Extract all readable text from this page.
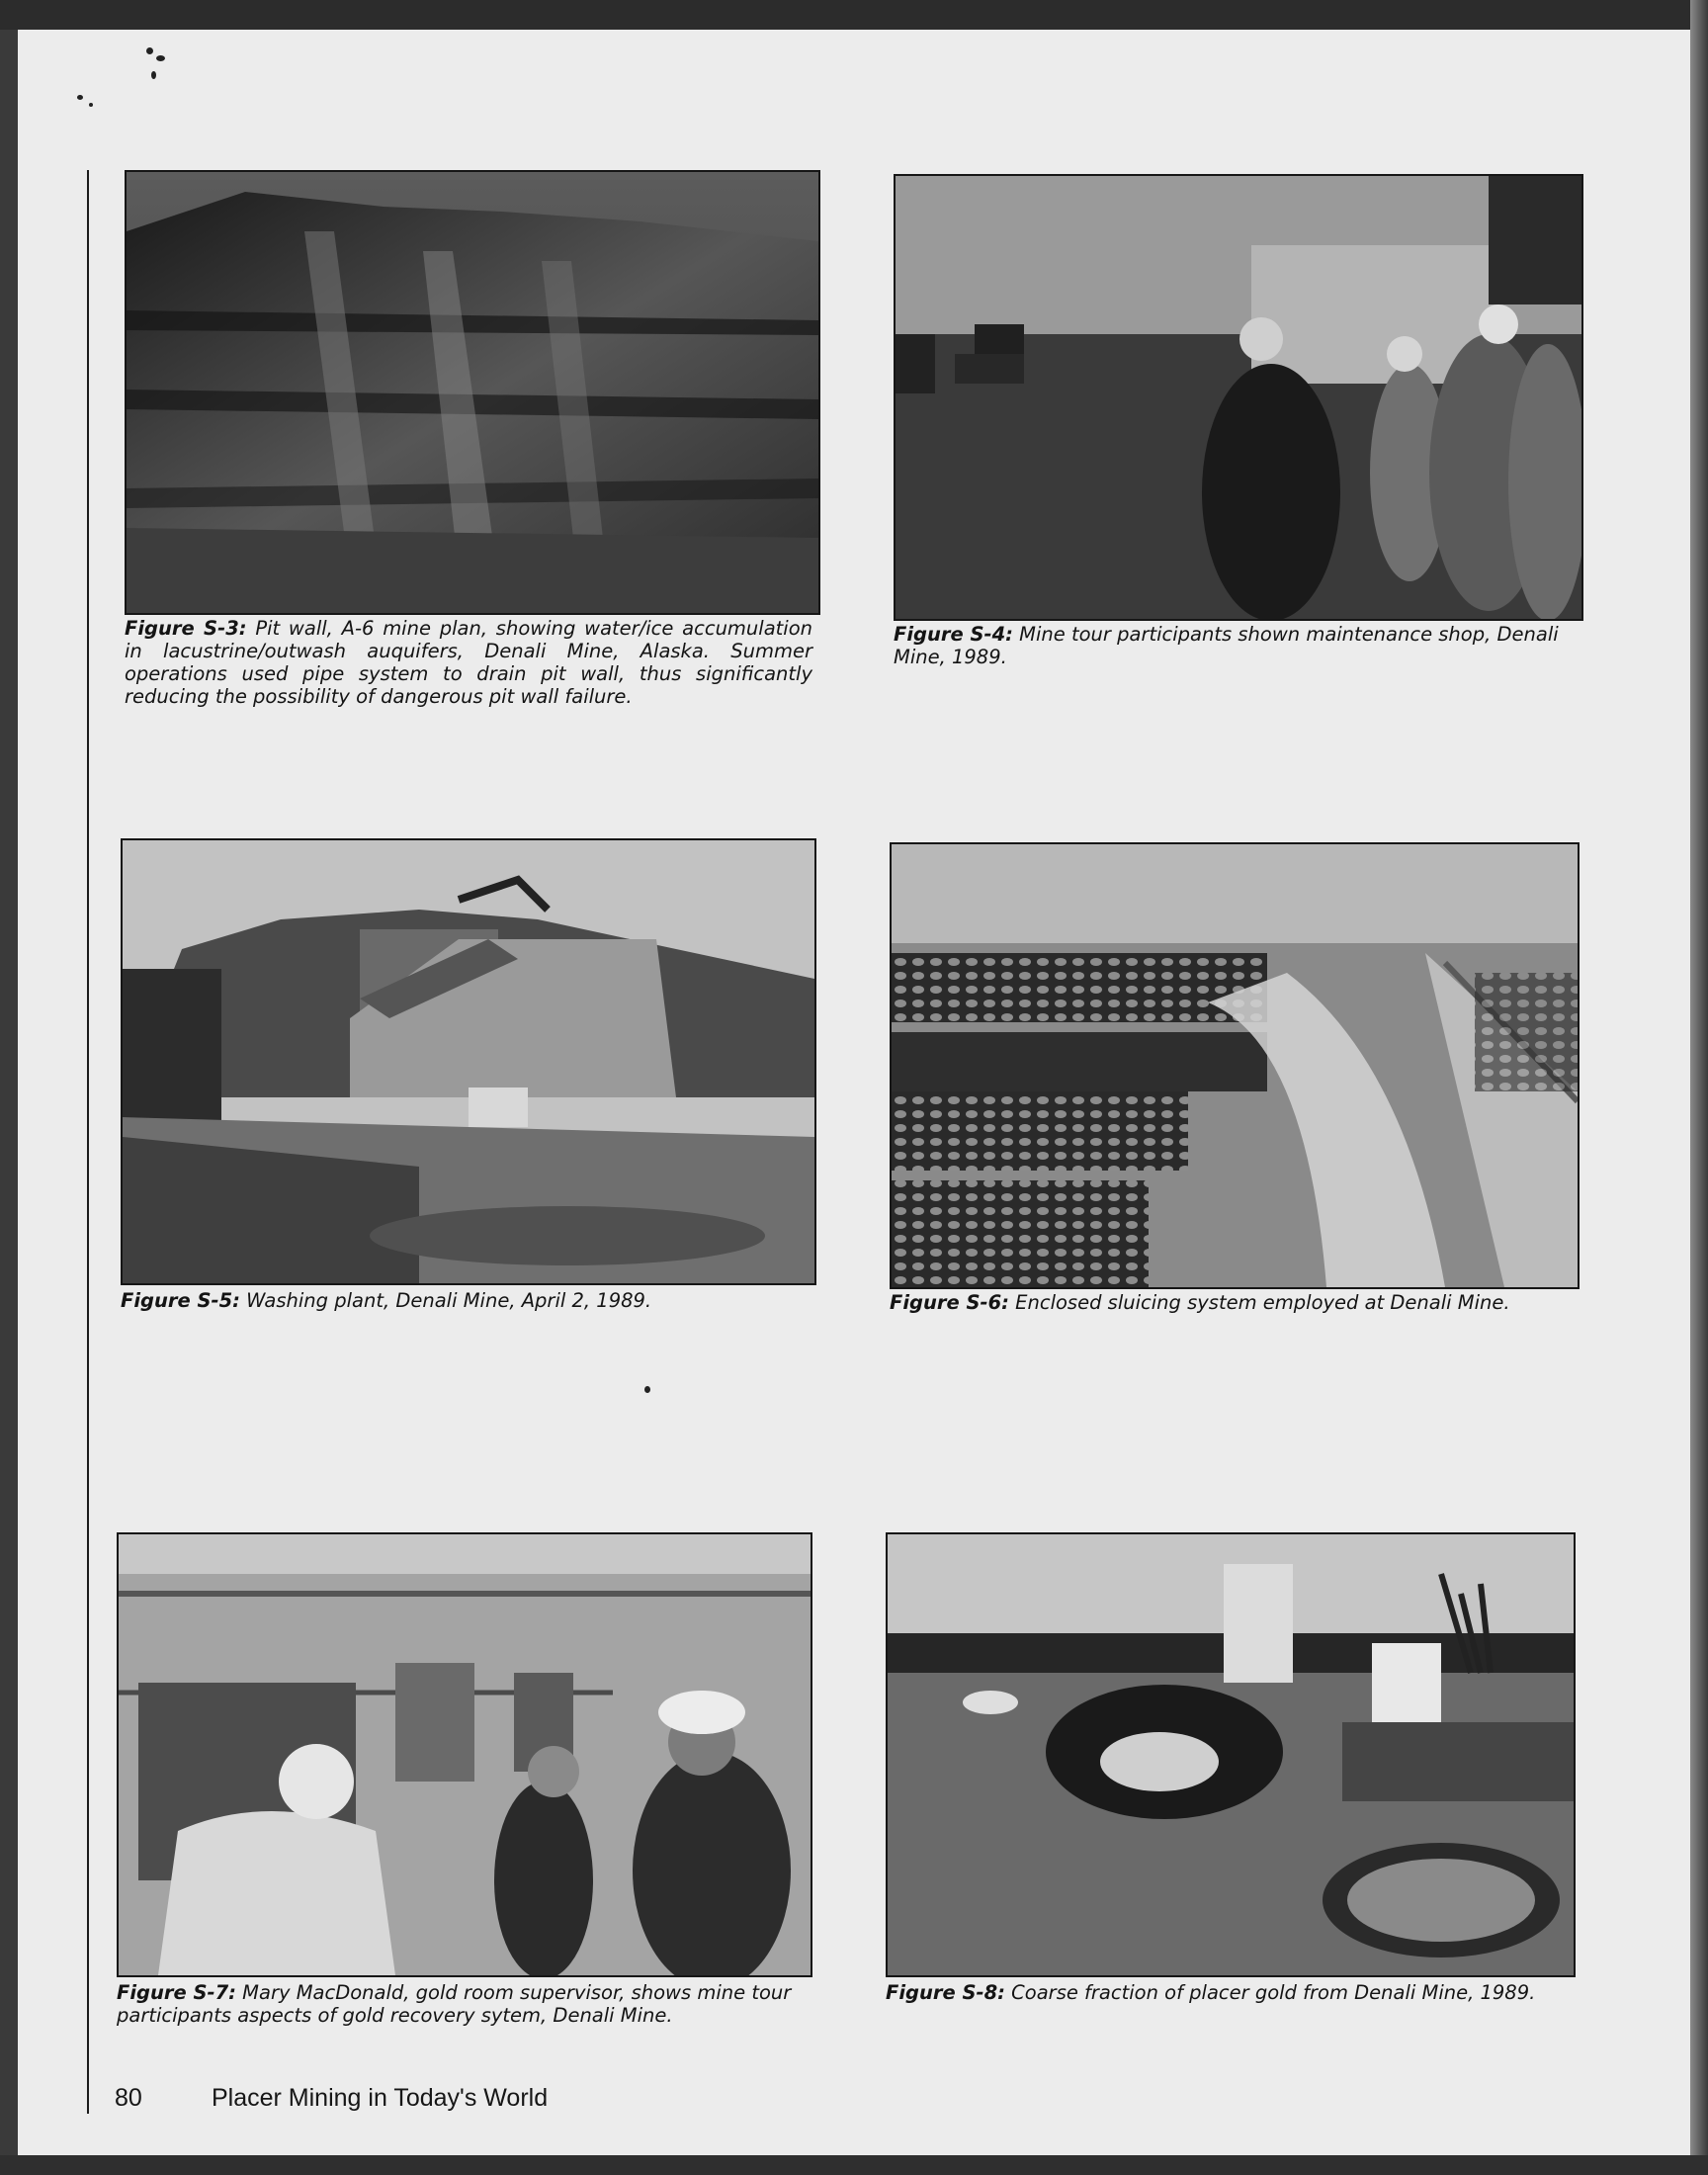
Figure S-3: Pit wall, A-6 mine plan, showing water/ice accumulation in lacustrine/outwash auquifers, Denali Mine, Alaska. Summer operations used pipe system to drain pit wall, thus significantly reducing the possibility of dangerous pit wall failure.

Figure S-4: Mine tour participants shown maintenance shop, Denali Mine, 1989.

Figure S-5: Washing plant, Denali Mine, April 2, 1989.	Figure S-6: Enclosed sluicing system employed at Denali Mine.

Figure S-7: Mary MacDonald, gold room supervisor, shows mine tour participants aspects of gold recovery sytem, Denali Mine.

Figure S-8: Coarse fraction of placer gold from Denali Mine, 1989.

80	Placer Mining in Today's World
